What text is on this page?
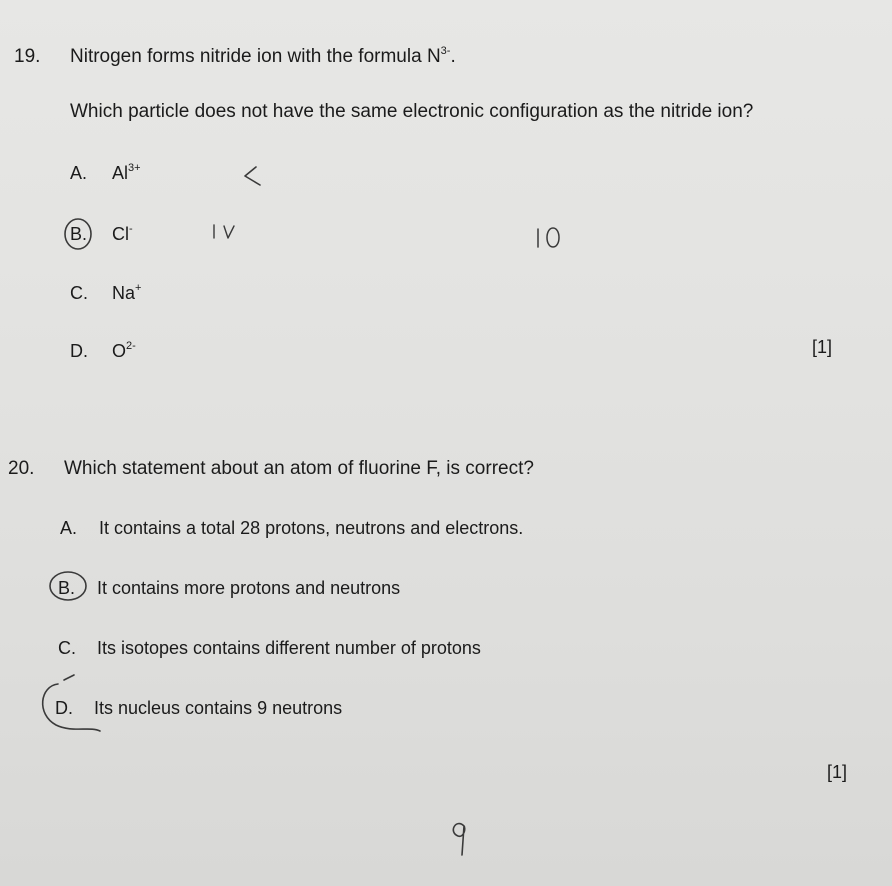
19. Nitrogen forms nitride ion with the formula $N^{3-}$.
Which particle does not have the same electronic configuration as the nitride ion?
A. $Al^{3+}$
B. Cl-
C. Na+
D. $O^{2-}$	[1]
20. Which statement about an atom of fluorine F, is correct?
A. It contains a total 28 protons, neutrons and electrons.
B. It contains more protons and neutrons
C. Its isotopes contains different number of protons
D. Its nucleus contains 9 neutrons
[1]
